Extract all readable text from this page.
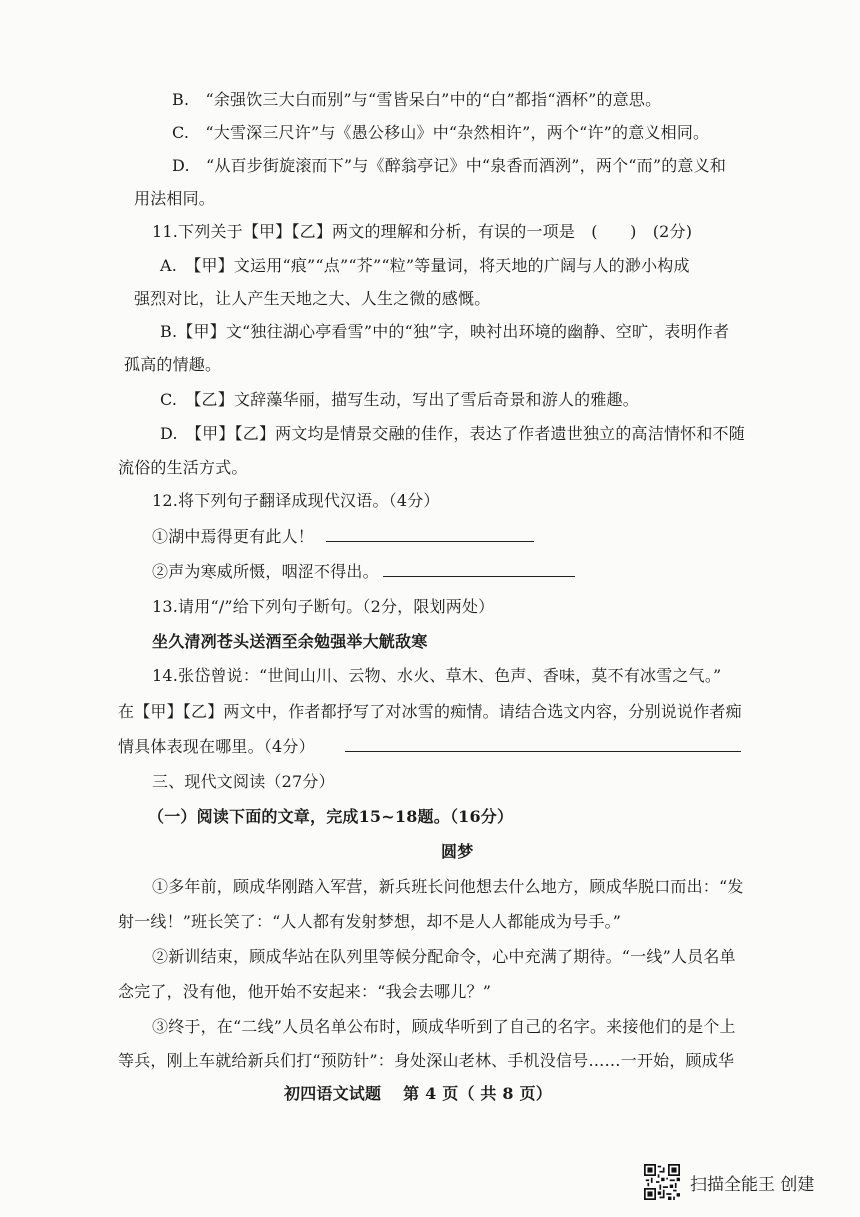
B.　“余强饮三大白而别”与“雪皆呆白”中的“白”都指“酒杯”的意思。
C.　“大雪深三尺许”与《愚公移山》中“杂然相许”，两个“许”的意义相同。
D.　“从百步街旋滚而下”与《醉翁亭记》中“泉香而酒洌”，两个“而”的意义和
用法相同。
11.下列关于【甲】【乙】两文的理解和分析，有误的一项是　(　　)　(2分)
A.　【甲】文运用“痕”“点”“芥”“粒”等量词，将天地的广阔与人的渺小构成
强烈对比，让人产生天地之大、人生之微的感慨。
B.【甲】文“独往湖心亭看雪”中的“独”字，映衬出环境的幽静、空旷，表明作者
孤高的情趣。
C.　【乙】文辞藻华丽，描写生动，写出了雪后奇景和游人的雅趣。
D.　【甲】【乙】两文均是情景交融的佳作，表达了作者遗世独立的高洁情怀和不随
流俗的生活方式。
12.将下列句子翻译成现代汉语。（4分）
①湖中焉得更有此人！
②声为寒威所慑，咽涩不得出。
13.请用“/”给下列句子断句。（2分，限划两处）
坐久清冽苍头送酒至余勉强举大觥敌寒
14.张岱曾说：“世间山川、云物、水火、草木、色声、香味，莫不有冰雪之气。”
在【甲】【乙】两文中，作者都抒写了对冰雪的痴情。请结合选文内容，分别说说作者痴
情具体表现在哪里。（4分）
三、现代文阅读（27分）
（一）阅读下面的文章，完成15~18题。（16分）
圆梦
①多年前，顾成华刚踏入军营，新兵班长问他想去什么地方，顾成华脱口而出：“发
射一线！”班长笑了：“人人都有发射梦想，却不是人人都能成为号手。”
②新训结束，顾成华站在队列里等候分配命令，心中充满了期待。“一线”人员名单
念完了，没有他，他开始不安起来：“我会去哪儿？”
③终于，在“二线”人员名单公布时，顾成华听到了自己的名字。来接他们的是个上
等兵，刚上车就给新兵们打“预防针”：身处深山老林、手机没信号……一开始，顾成华
初四语文试题　 第 4 页（ 共 8 页）
扫描全能王 创建
